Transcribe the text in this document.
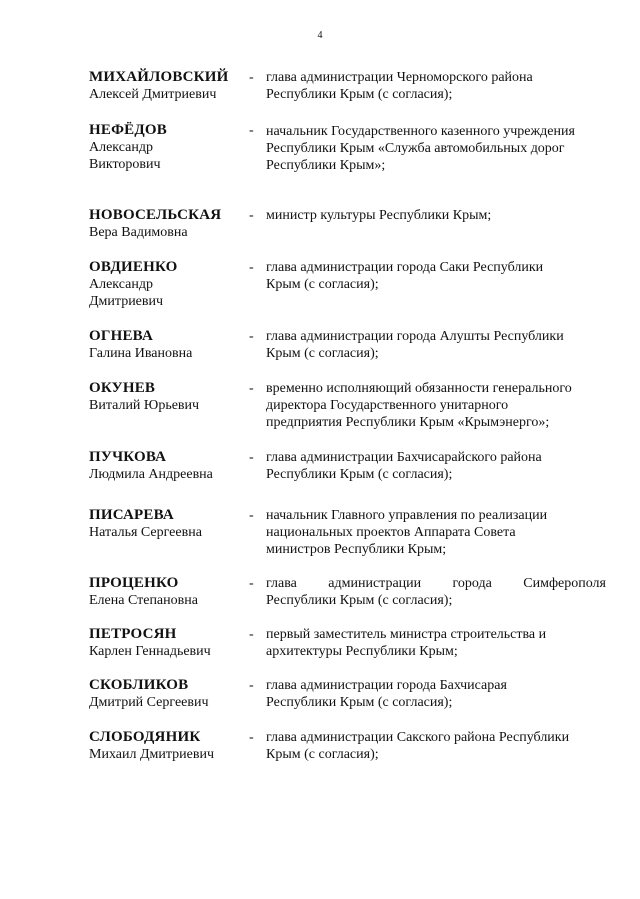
4
МИХАЙЛОВСКИЙ
Алексей Дмитриевич
- глава администрации Черноморского района
Республики Крым (с согласия);
НЕФЁДОВ
Александр
Викторович
- начальник Государственного казенного учреждения
Республики Крым «Служба автомобильных дорог
Республики Крым»;
НОВОСЕЛЬСКАЯ
Вера Вадимовна
- министр культуры Республики Крым;
ОВДИЕНКО
Александр
Дмитриевич
- глава администрации города Саки Республики
Крым (с согласия);
ОГНЕВА
Галина Ивановна
- глава администрации города Алушты Республики
Крым (с согласия);
ОКУНЕВ
Виталий Юрьевич
- временно исполняющий обязанности генерального
директора Государственного унитарного
предприятия Республики Крым «Крымэнерго»;
ПУЧКОВА
Людмила Андреевна
- глава администрации Бахчисарайского района
Республики Крым (с согласия);
ПИСАРЕВА
Наталья Сергеевна
- начальник Главного управления по реализации
национальных проектов Аппарата Совета
министров Республики Крым;
ПРОЦЕНКО
Елена Степановна
- глава администрации города Симферополя
Республики Крым (с согласия);
ПЕТРОСЯН
Карлен Геннадьевич
- первый заместитель министра строительства и
архитектуры Республики Крым;
СКОБЛИКОВ
Дмитрий Сергеевич
- глава администрации города Бахчисарая
Республики Крым (с согласия);
СЛОБОДЯНИК
Михаил Дмитриевич
- глава администрации Сакского района Республики
Крым (с согласия);
